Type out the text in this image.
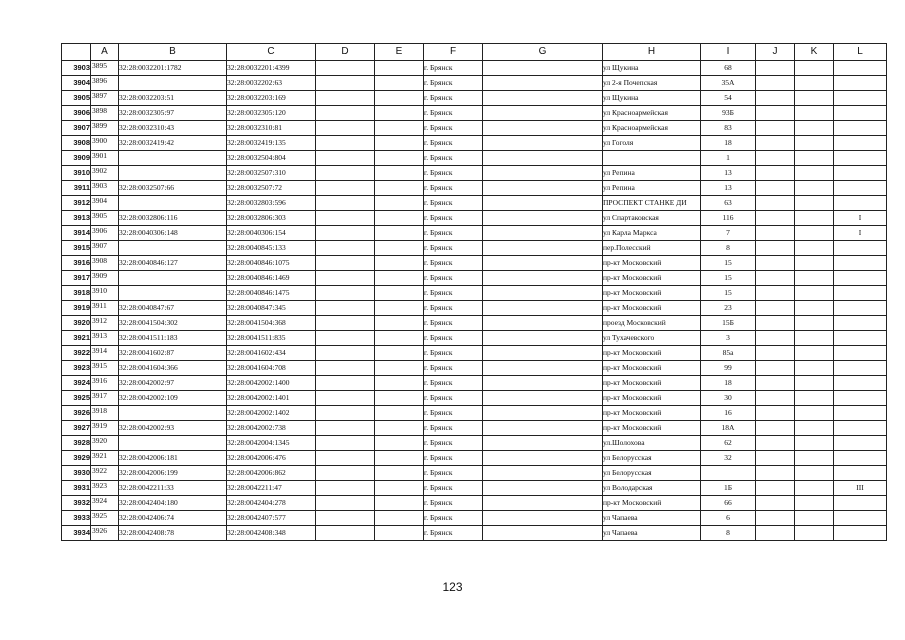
	A	B	C	D	E	F	G	H	I	J	K	L
3903	3895	32:28:0032201:1782	32:28:0032201:4399			г. Брянск		ул Щукина	68			
3904	3896		32:28:0032202:63			г. Брянск		ул 2-я Почепская	35А			
3905	3897	32:28:0032203:51	32:28:0032203:169			г. Брянск		ул Щукина	54			
3906	3898	32:28:0032305:97	32:28:0032305:120			г. Брянск		ул Красноармейская	93Б			
3907	3899	32:28:0032310:43	32:28:0032310:81			г. Брянск		ул Красноармейская	83			
3908	3900	32:28:0032419:42	32:28:0032419:135			г. Брянск		ул Гоголя	18			
3909	3901		32:28:0032504:804			г. Брянск			1			
3910	3902		32:28:0032507:310			г. Брянск		ул Репина	13			
3911	3903	32:28:0032507:66	32:28:0032507:72			г. Брянск		ул Репина	13			
3912	3904		32:28:0032803:596			г. Брянск		ПРОСПЕКТ СТАНКЕ ДИ	63			
3913	3905	32:28:0032806:116	32:28:0032806:303			г. Брянск		ул Спартаковская	116			I
3914	3906	32:28:0040306:148	32:28:0040306:154			г. Брянск		ул Карла Маркса	7			I
3915	3907		32:28:0040845:133			г. Брянск		пер.Полесский	8			
3916	3908	32:28:0040846:127	32:28:0040846:1075			г. Брянск		пр-кт Московский	15			
3917	3909		32:28:0040846:1469			г. Брянск		пр-кт Московский	15			
3918	3910		32:28:0040846:1475			г. Брянск		пр-кт Московский	15			
3919	3911	32:28:0040847:67	32:28:0040847:345			г. Брянск		пр-кт Московский	23			
3920	3912	32:28:0041504:302	32:28:0041504:368			г. Брянск		проезд Московский	15Б			
3921	3913	32:28:0041511:183	32:28:0041511:835			г. Брянск		ул Тухачевского	3			
3922	3914	32:28:0041602:87	32:28:0041602:434			г. Брянск		пр-кт Московский	85а			
3923	3915	32:28:0041604:366	32:28:0041604:708			г. Брянск		пр-кт Московский	99			
3924	3916	32:28:0042002:97	32:28:0042002:1400			г. Брянск		пр-кт Московский	18			
3925	3917	32:28:0042002:109	32:28:0042002:1401			г. Брянск		пр-кт Московский	30			
3926	3918		32:28:0042002:1402			г. Брянск		пр-кт Московский	16			
3927	3919	32:28:0042002:93	32:28:0042002:738			г. Брянск		пр-кт Московский	18А			
3928	3920		32:28:0042004:1345			г. Брянск		ул.Шолохова	62			
3929	3921	32:28:0042006:181	32:28:0042006:476			г. Брянск		ул Белорусская	32			
3930	3922	32:28:0042006:199	32:28:0042006:862			г. Брянск		ул Белорусская				
3931	3923	32:28:0042211:33	32:28:0042211:47			г. Брянск		ул Володарская	1Б			III
3932	3924	32:28:0042404:180	32:28:0042404:278			г. Брянск		пр-кт Московский	66			
3933	3925	32:28:0042406:74	32:28:0042407:577			г. Брянск		ул Чапаева	6			
3934	3926	32:28:0042408:78	32:28:0042408:348			г. Брянск		ул Чапаева	8			
123
